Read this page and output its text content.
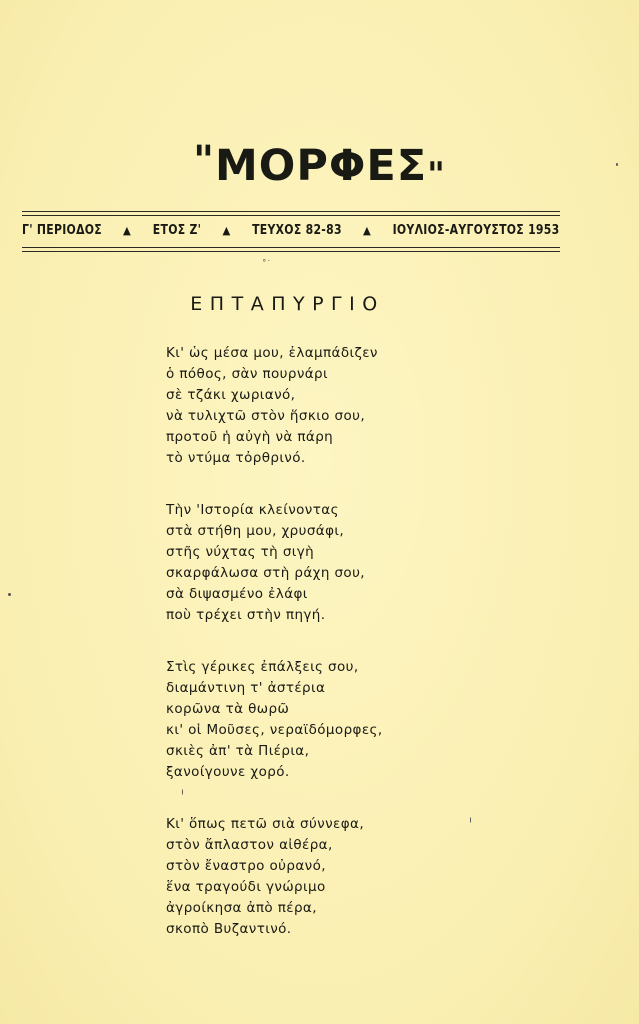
"ΜΟΡΦΕΣ"
Γ' ΠΕΡΙΟΔΟΣ ▲ ΕΤΟΣ Ζ' ▲ ΤΕΥΧΟΣ 82-83 ▲ ΙΟΥΛΙΟΣ-ΑΥΓΟΥΣΤΟΣ 1953
˚˙
ΕΠΤΑΠΥΡΓΙΟ
Κι' ὡς μέσα μου, ἐλαμπάδιζεν
ὁ πόθος, σὰν πουρνάρι
σὲ τζάκι χωριανό,
νὰ τυλιχτῶ στὸν ἥσκιο σου,
προτοῦ ἡ αὐγὴ νὰ πάρη
τὸ ντύμα τὀρθρινό.
Τὴν 'Ιστορία κλείνοντας
στὰ στήθη μου, χρυσάφι,
στῆς νύχτας τὴ σιγὴ
σκαρφάλωσα στὴ ράχη σου,
σὰ διψασμένο ἐλάφι
ποὺ τρέχει στὴν πηγή.
Στὶς γέρικες ἐπάλξεις σου,
διαμάντινη τ' ἀστέρια
κορῶνα τὰ θωρῶ
κι' οἱ Μοῦσες, νεραϊδόμορφες,
σκιὲς ἀπ' τὰ Πιέρια,
ξανοίγουνε χορό.
Κι' ὅπως πετῶ σιὰ σύννεφα,
στὸν ἄπλαστον αἰθέρα,
στὸν ἔναστρο οὐρανό,
ἕνα τραγούδι γνώριμο
ἀγροίκησα ἀπὸ πέρα,
σκοπὸ Βυζαντινό.
